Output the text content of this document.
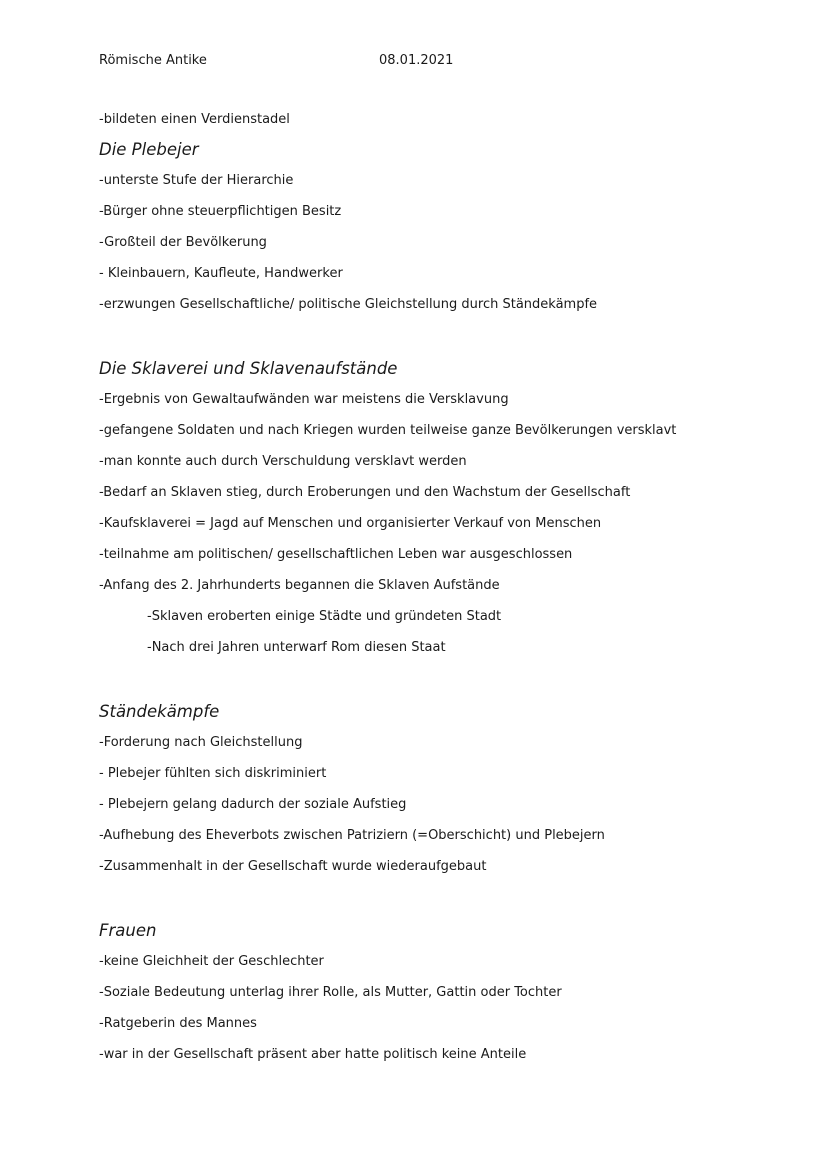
Römische Antike	08.01.2021
-bildeten einen Verdienstadel
Die Plebejer
-unterste Stufe der Hierarchie
-Bürger ohne steuerpflichtigen Besitz
-Großteil der Bevölkerung
- Kleinbauern, Kaufleute, Handwerker
-erzwungen Gesellschaftliche/ politische Gleichstellung durch Ständekämpfe
Die Sklaverei und Sklavenaufstände
-Ergebnis von Gewaltaufwänden war meistens die Versklavung
-gefangene Soldaten und nach Kriegen wurden teilweise ganze Bevölkerungen versklavt
-man konnte auch durch Verschuldung versklavt werden
-Bedarf an Sklaven stieg, durch Eroberungen und den Wachstum der Gesellschaft
-Kaufsklaverei = Jagd auf Menschen und organisierter Verkauf von Menschen
-teilnahme am politischen/ gesellschaftlichen Leben war ausgeschlossen
-Anfang des 2. Jahrhunderts begannen die Sklaven Aufstände
-Sklaven eroberten einige Städte und gründeten Stadt
-Nach drei Jahren unterwarf Rom diesen Staat
Ständekämpfe
-Forderung nach Gleichstellung
- Plebejer fühlten sich diskriminiert
- Plebejern gelang dadurch der soziale Aufstieg
-Aufhebung des Eheverbots zwischen Patriziern (=Oberschicht) und Plebejern
-Zusammenhalt in der Gesellschaft wurde wiederaufgebaut
Frauen
-keine Gleichheit der Geschlechter
-Soziale Bedeutung unterlag ihrer Rolle, als Mutter, Gattin oder Tochter
-Ratgeberin des Mannes
-war in der Gesellschaft präsent aber hatte politisch keine Anteile
